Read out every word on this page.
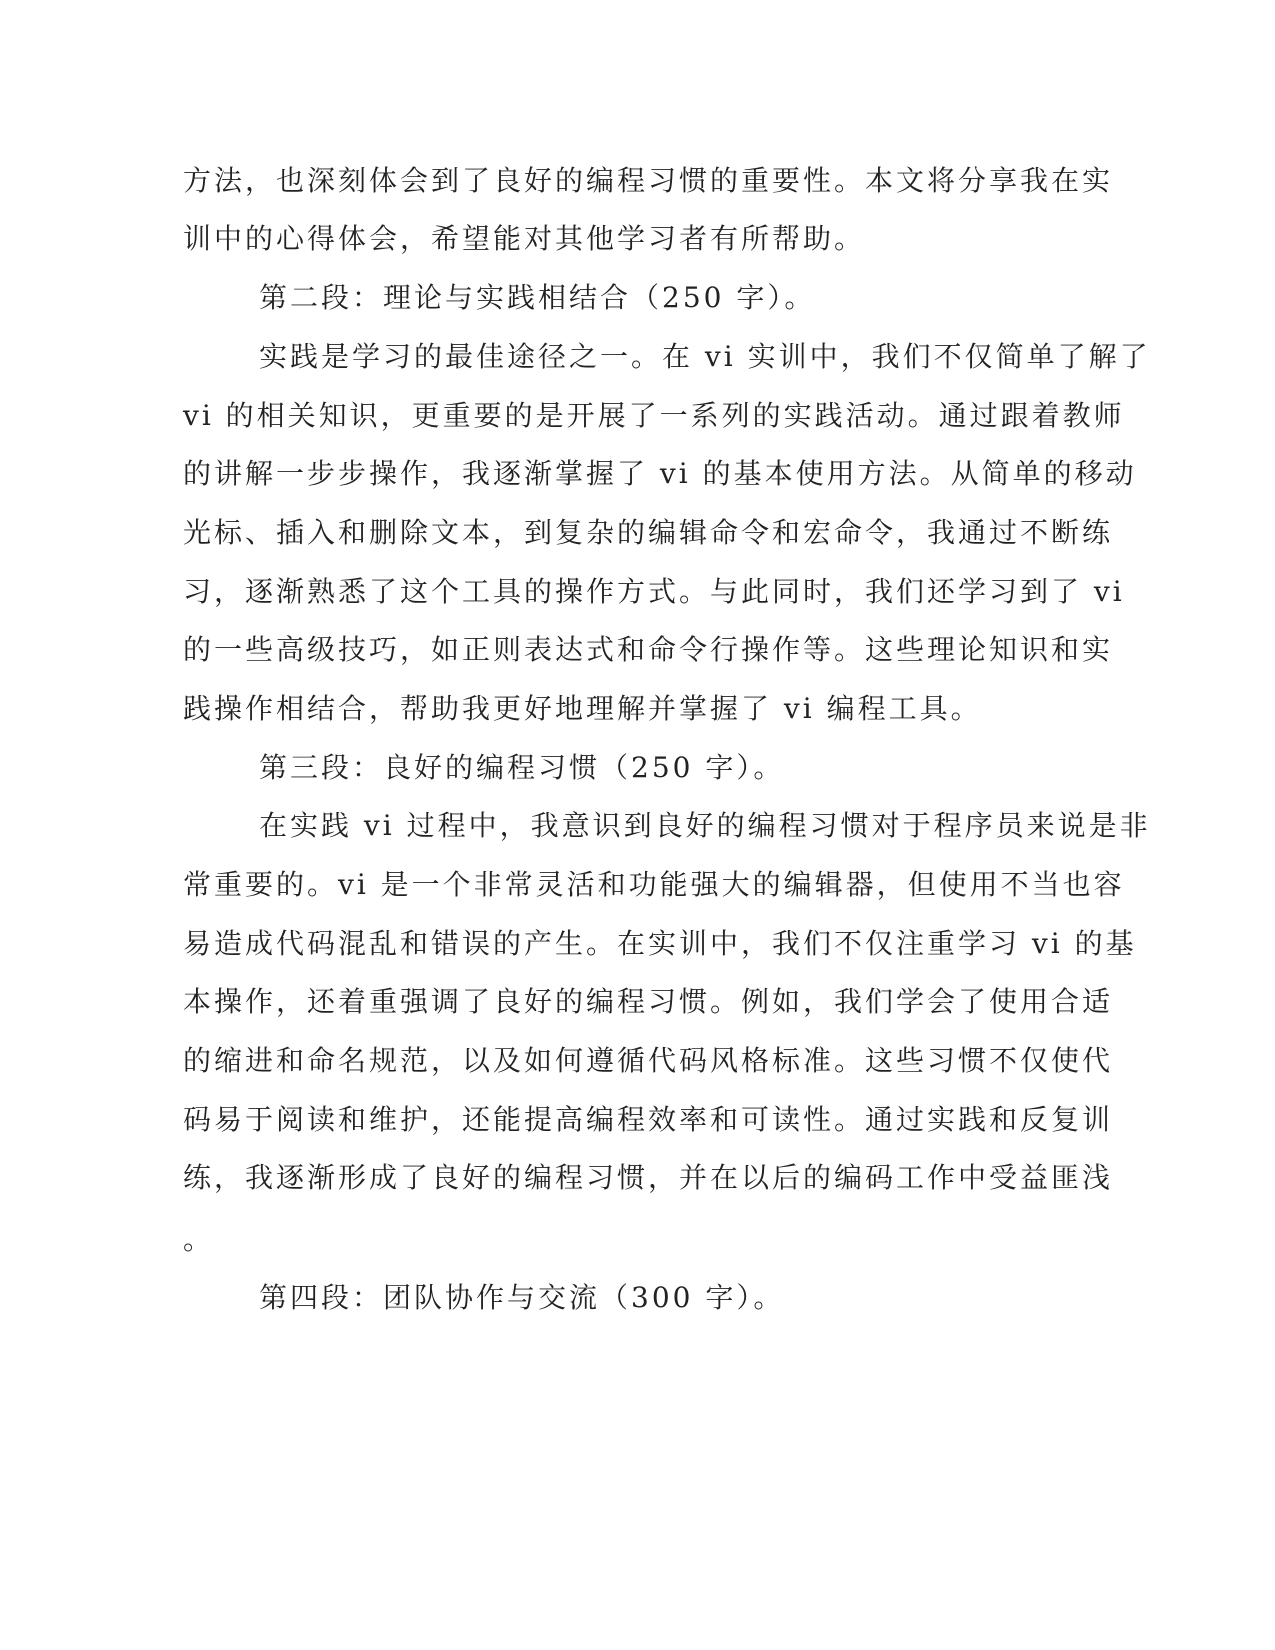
方法，也深刻体会到了良好的编程习惯的重要性。本文将分享我在实
训中的心得体会，希望能对其他学习者有所帮助。
第二段：理论与实践相结合（250 字）。
实践是学习的最佳途径之一。在 vi 实训中，我们不仅简单了解了
vi 的相关知识，更重要的是开展了一系列的实践活动。通过跟着教师
的讲解一步步操作，我逐渐掌握了 vi 的基本使用方法。从简单的移动
光标、插入和删除文本，到复杂的编辑命令和宏命令，我通过不断练
习，逐渐熟悉了这个工具的操作方式。与此同时，我们还学习到了 vi
的一些高级技巧，如正则表达式和命令行操作等。这些理论知识和实
践操作相结合，帮助我更好地理解并掌握了 vi 编程工具。
第三段：良好的编程习惯（250 字）。
在实践 vi 过程中，我意识到良好的编程习惯对于程序员来说是非
常重要的。vi 是一个非常灵活和功能强大的编辑器，但使用不当也容
易造成代码混乱和错误的产生。在实训中，我们不仅注重学习 vi 的基
本操作，还着重强调了良好的编程习惯。例如，我们学会了使用合适
的缩进和命名规范，以及如何遵循代码风格标准。这些习惯不仅使代
码易于阅读和维护，还能提高编程效率和可读性。通过实践和反复训
练，我逐渐形成了良好的编程习惯，并在以后的编码工作中受益匪浅
。
第四段：团队协作与交流（300 字）。
